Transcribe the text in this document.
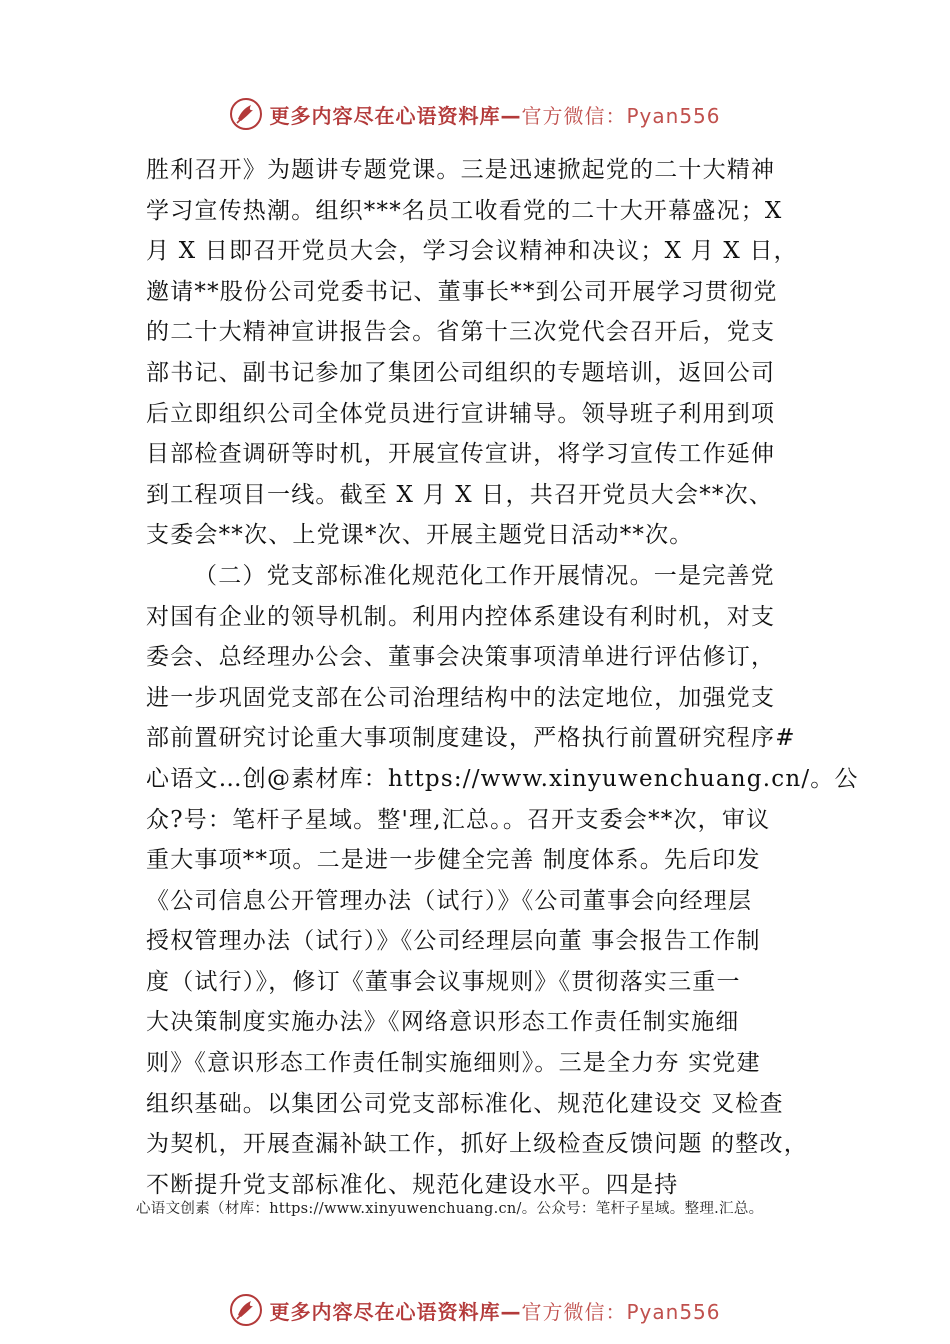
更多内容尽在心语资料库—官方微信：Pyan556
胜利召开》为题讲专题党课。三是迅速掀起党的二十大精神
学习宣传热潮。组织***名员工收看党的二十大开幕盛况；X
月 X 日即召开党员大会，学习会议精神和决议；X 月 X 日，
邀请**股份公司党委书记、董事长**到公司开展学习贯彻党
的二十大精神宣讲报告会。省第十三次党代会召开后，党支
部书记、副书记参加了集团公司组织的专题培训，返回公司
后立即组织公司全体党员进行宣讲辅导。领导班子利用到项
目部检查调研等时机，开展宣传宣讲，将学习宣传工作延伸
到工程项目一线。截至 X 月 X 日，共召开党员大会**次、
支委会**次、上党课*次、开展主题党日活动**次。
（二）党支部标准化规范化工作开展情况。一是完善党
对国有企业的领导机制。利用内控体系建设有利时机，对支
委会、总经理办公会、董事会决策事项清单进行评估修订，
进一步巩固党支部在公司治理结构中的法定地位，加强党支
部前置研究讨论重大事项制度建设，严格执行前置研究程序#
心语文…创@素材库：https://www.xinyuwenchuang.cn/。公
众?号：笔杆子星域。整'理,汇总。。召开支委会**次，审议
重大事项**项。二是进一步健全完善 制度体系。先后印发
《公司信息公开管理办法（试行）》《公司董事会向经理层
授权管理办法（试行）》《公司经理层向董 事会报告工作制
度（试行）》，修订《董事会议事规则》《贯彻落实三重一
大决策制度实施办法》《网络意识形态工作责任制实施细
则》《意识形态工作责任制实施细则》。三是全力夯 实党建
组织基础。以集团公司党支部标准化、规范化建设交 叉检查
为契机，开展查漏补缺工作，抓好上级检查反馈问题 的整改，
不断提升党支部标准化、规范化建设水平。四是持
心语文创素（材库：https://www.xinyuwenchuang.cn/。公众号：笔杆子星域。整理.汇总。
更多内容尽在心语资料库—官方微信：Pyan556
